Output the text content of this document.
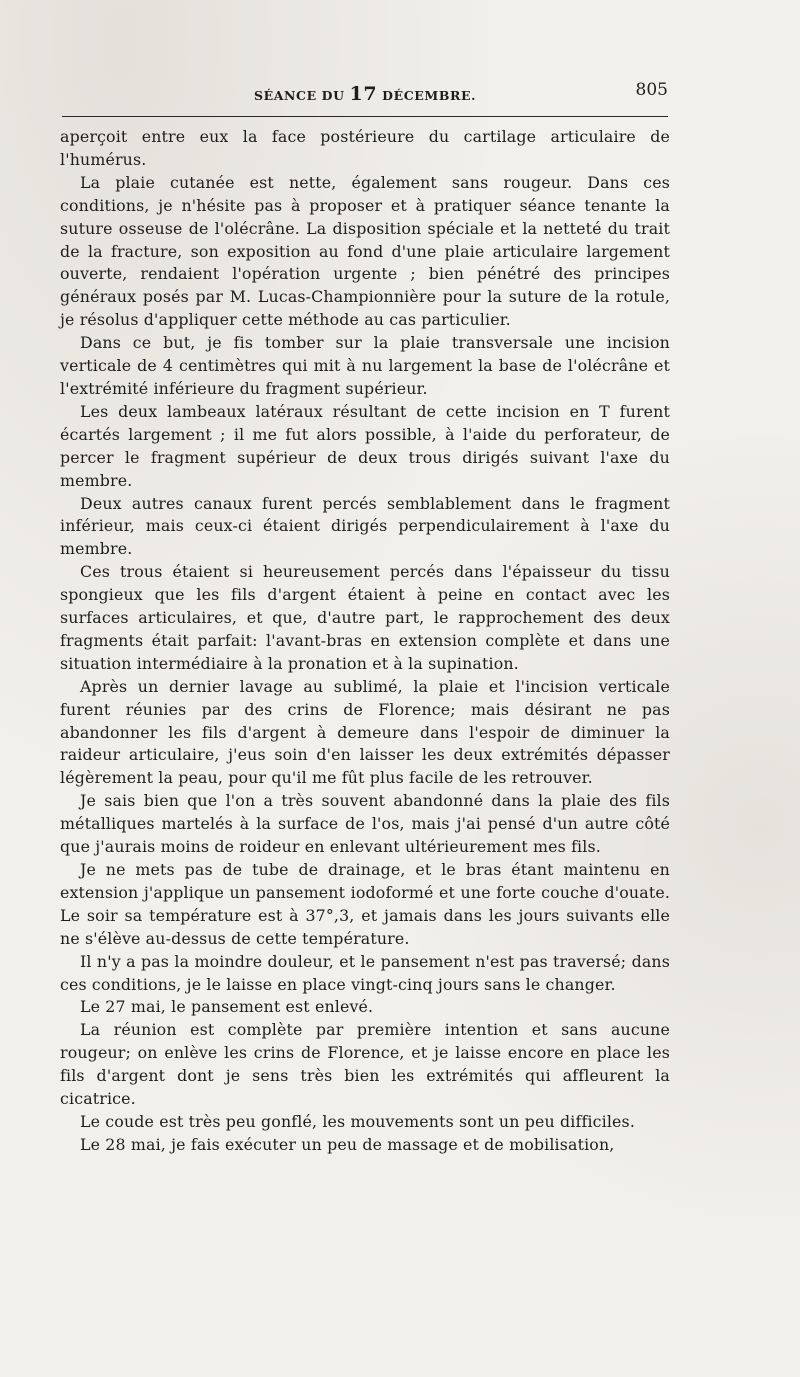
SÉANCE DU 17 DÉCEMBRE.	805

aperçoit entre eux la face postérieure du cartilage articulaire de l'humérus.

La plaie cutanée est nette, également sans rougeur. Dans ces conditions, je n'hésite pas à proposer et à pratiquer séance tenante la suture osseuse de l'olécrâne. La disposition spéciale et la netteté du trait de la fracture, son exposition au fond d'une plaie articulaire largement ouverte, rendaient l'opération urgente ; bien pénétré des principes généraux posés par M. Lucas-Championnière pour la suture de la rotule, je résolus d'appliquer cette méthode au cas particulier.

Dans ce but, je fis tomber sur la plaie transversale une incision verticale de 4 centimètres qui mit à nu largement la base de l'olécrâne et l'extrémité inférieure du fragment supérieur.

Les deux lambeaux latéraux résultant de cette incision en T furent écartés largement ; il me fut alors possible, à l'aide du perforateur, de percer le fragment supérieur de deux trous dirigés suivant l'axe du membre.

Deux autres canaux furent percés semblablement dans le fragment inférieur, mais ceux-ci étaient dirigés perpendiculairement à l'axe du membre.

Ces trous étaient si heureusement percés dans l'épaisseur du tissu spongieux que les fils d'argent étaient à peine en contact avec les surfaces articulaires, et que, d'autre part, le rapprochement des deux fragments était parfait: l'avant-bras en extension complète et dans une situation intermédiaire à la pronation et à la supination.

Après un dernier lavage au sublimé, la plaie et l'incision verticale furent réunies par des crins de Florence; mais désirant ne pas abandonner les fils d'argent à demeure dans l'espoir de diminuer la raideur articulaire, j'eus soin d'en laisser les deux extrémités dépasser légèrement la peau, pour qu'il me fût plus facile de les retrouver.

Je sais bien que l'on a très souvent abandonné dans la plaie des fils métalliques martelés à la surface de l'os, mais j'ai pensé d'un autre côté que j'aurais moins de roideur en enlevant ultérieurement mes fils.

Je ne mets pas de tube de drainage, et le bras étant maintenu en extension j'applique un pansement iodoformé et une forte couche d'ouate. Le soir sa température est à 37°,3, et jamais dans les jours suivants elle ne s'élève au-dessus de cette température.

Il n'y a pas la moindre douleur, et le pansement n'est pas traversé; dans ces conditions, je le laisse en place vingt-cinq jours sans le changer.

Le 27 mai, le pansement est enlevé.

La réunion est complète par première intention et sans aucune rougeur; on enlève les crins de Florence, et je laisse encore en place les fils d'argent dont je sens très bien les extrémités qui affleurent la cicatrice.

Le coude est très peu gonflé, les mouvements sont un peu difficiles.

Le 28 mai, je fais exécuter un peu de massage et de mobilisation,
